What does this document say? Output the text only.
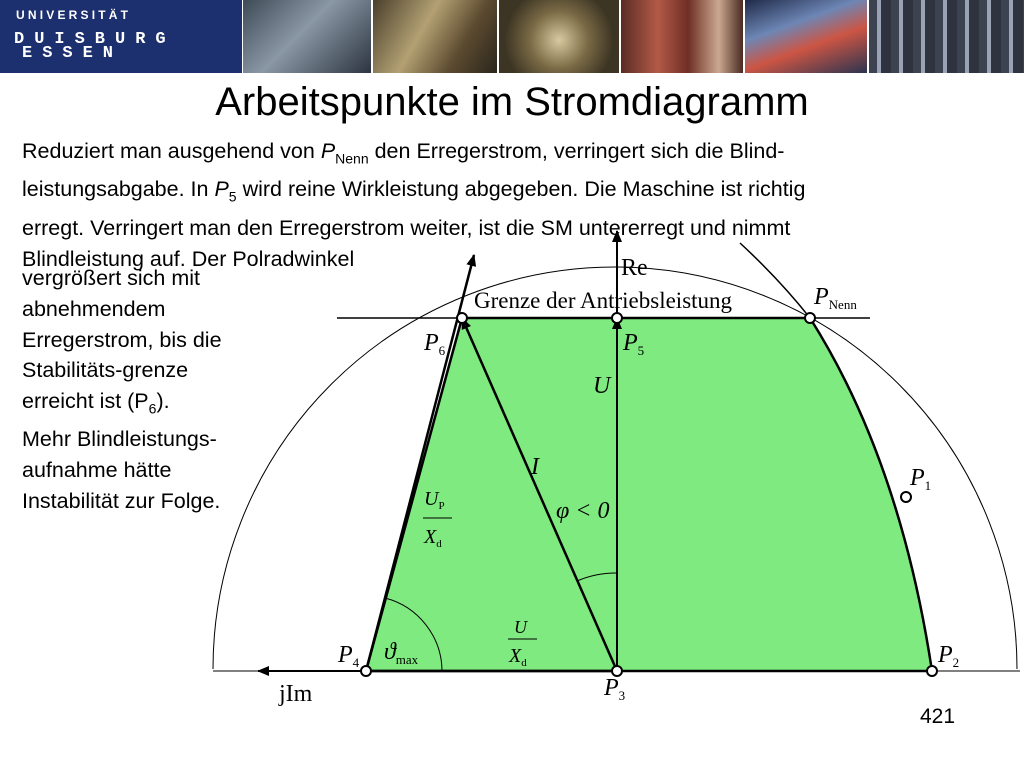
UNIVERSITÄT
DUISBURG
ESSEN
Arbeitspunkte im Stromdiagramm
Reduziert man ausgehend von $P_{Nenn}$ den Erregerstrom, verringert sich die Blind-
leistungsabgabe. In $P_5$ wird reine Wirkleistung abgegeben. Die Maschine ist richtig
erregt. Verringert man den Erregerstrom weiter, ist die SM untererregt und nimmt
Blindleistung auf. Der Polradwinkel
vergrößert sich mit abnehmendem Erregerstrom, bis die Stabilitäts-grenze erreicht ist $(P_6)$. Mehr Blindleistungs-aufnahme hätte Instabilität zur Folge.
Re
jIm
Grenze der Antriebsleistung	$P_{Nenn}$
$P_6$	$P_5$
$P_1$
$P_2$
$P_3$
$P_4$
U
I
φ < 0
$U_P$
$X_d$
U
$X_d$
$ϑ_{max}$
421
